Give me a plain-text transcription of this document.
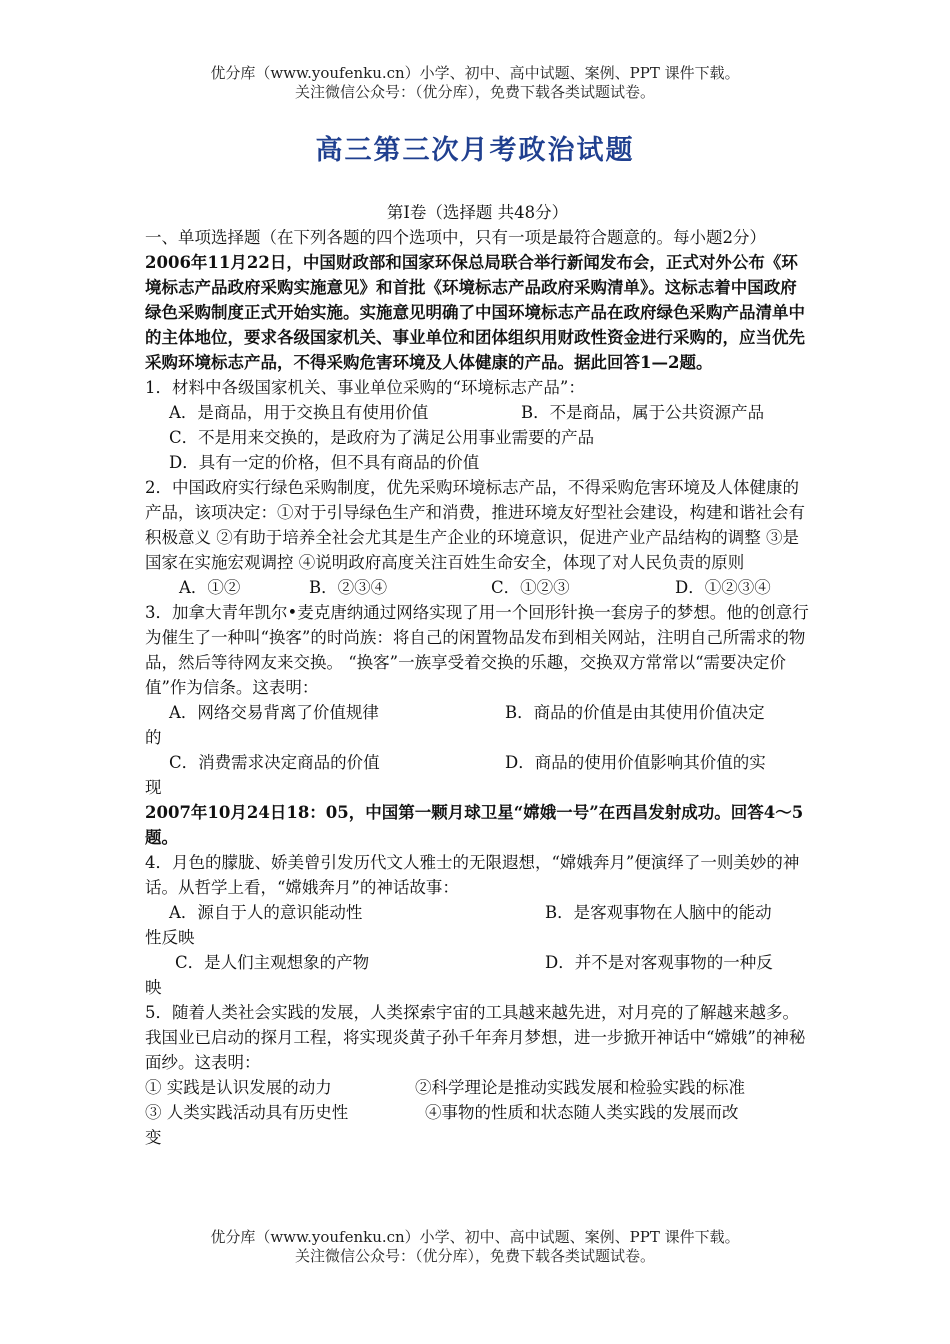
优分库（www.youfenku.cn）小学、初中、高中试题、案例、PPT 课件下载。
关注微信公众号：（优分库），免费下载各类试题试卷。
高三第三次月考政治试题

第Ⅰ卷（选择题 共48分）

一、单项选择题（在下列各题的四个选项中，只有一项是最符合题意的。每小题2分）

2006年11月22日，中国财政部和国家环保总局联合举行新闻发布会，正式对外公布《环境标志产品政府采购实施意见》和首批《环境标志产品政府采购清单》。这标志着中国政府绿色采购制度正式开始实施。实施意见明确了中国环境标志产品在政府绿色采购产品清单中的主体地位，要求各级国家机关、事业单位和团体组织用财政性资金进行采购的，应当优先采购环境标志产品，不得采购危害环境及人体健康的产品。据此回答1—2题。

1．材料中各级国家机关、事业单位采购的“环境标志产品”：

A．是商品，用于交换且有使用价值	B．不是商品，属于公共资源产品

C．不是用来交换的，是政府为了满足公用事业需要的产品

D．具有一定的价格，但不具有商品的价值

2．中国政府实行绿色采购制度，优先采购环境标志产品，不得采购危害环境及人体健康的产品，该项决定：①对于引导绿色生产和消费，推进环境友好型社会建设，构建和谐社会有积极意义 ②有助于培养全社会尤其是生产企业的环境意识，促进产业产品结构的调整 ③是国家在实施宏观调控 ④说明政府高度关注百姓生命安全，体现了对人民负责的原则

A．①②	B．②③④	C．①②③	D．①②③④

3．加拿大青年凯尔•麦克唐纳通过网络实现了用一个回形针换一套房子的梦想。他的创意行为催生了一种叫“换客”的时尚族：将自己的闲置物品发布到相关网站，注明自己所需求的物品，然后等待网友来交换。 “换客”一族享受着交换的乐趣，交换双方常常以“需要决定价值”作为信条。这表明：

A．网络交易背离了价值规律	B．商品的价值是由其使用价值决定

的

C．消费需求决定商品的价值	D．商品的使用价值影响其价值的实

现

2007年10月24日18：05，中国第一颗月球卫星“嫦娥一号”在西昌发射成功。回答4～5题。

4．月色的朦胧、娇美曾引发历代文人雅士的无限遐想，“嫦娥奔月”便演绎了一则美妙的神话。从哲学上看，“嫦娥奔月”的神话故事：

A．源自于人的意识能动性	B．是客观事物在人脑中的能动

性反映

C．是人们主观想象的产物	D．并不是对客观事物的一种反

映

5．随着人类社会实践的发展，人类探索宇宙的工具越来越先进，对月亮的了解越来越多。我国业已启动的探月工程，将实现炎黄子孙千年奔月梦想，进一步掀开神话中“嫦娥”的神秘面纱。这表明：

① 实践是认识发展的动力	②科学理论是推动实践发展和检验实践的标准
③ 人类实践活动具有历史性	④事物的性质和状态随人类实践的发展而改

变

优分库（www.youfenku.cn）小学、初中、高中试题、案例、PPT 课件下载。
关注微信公众号：（优分库），免费下载各类试题试卷。
